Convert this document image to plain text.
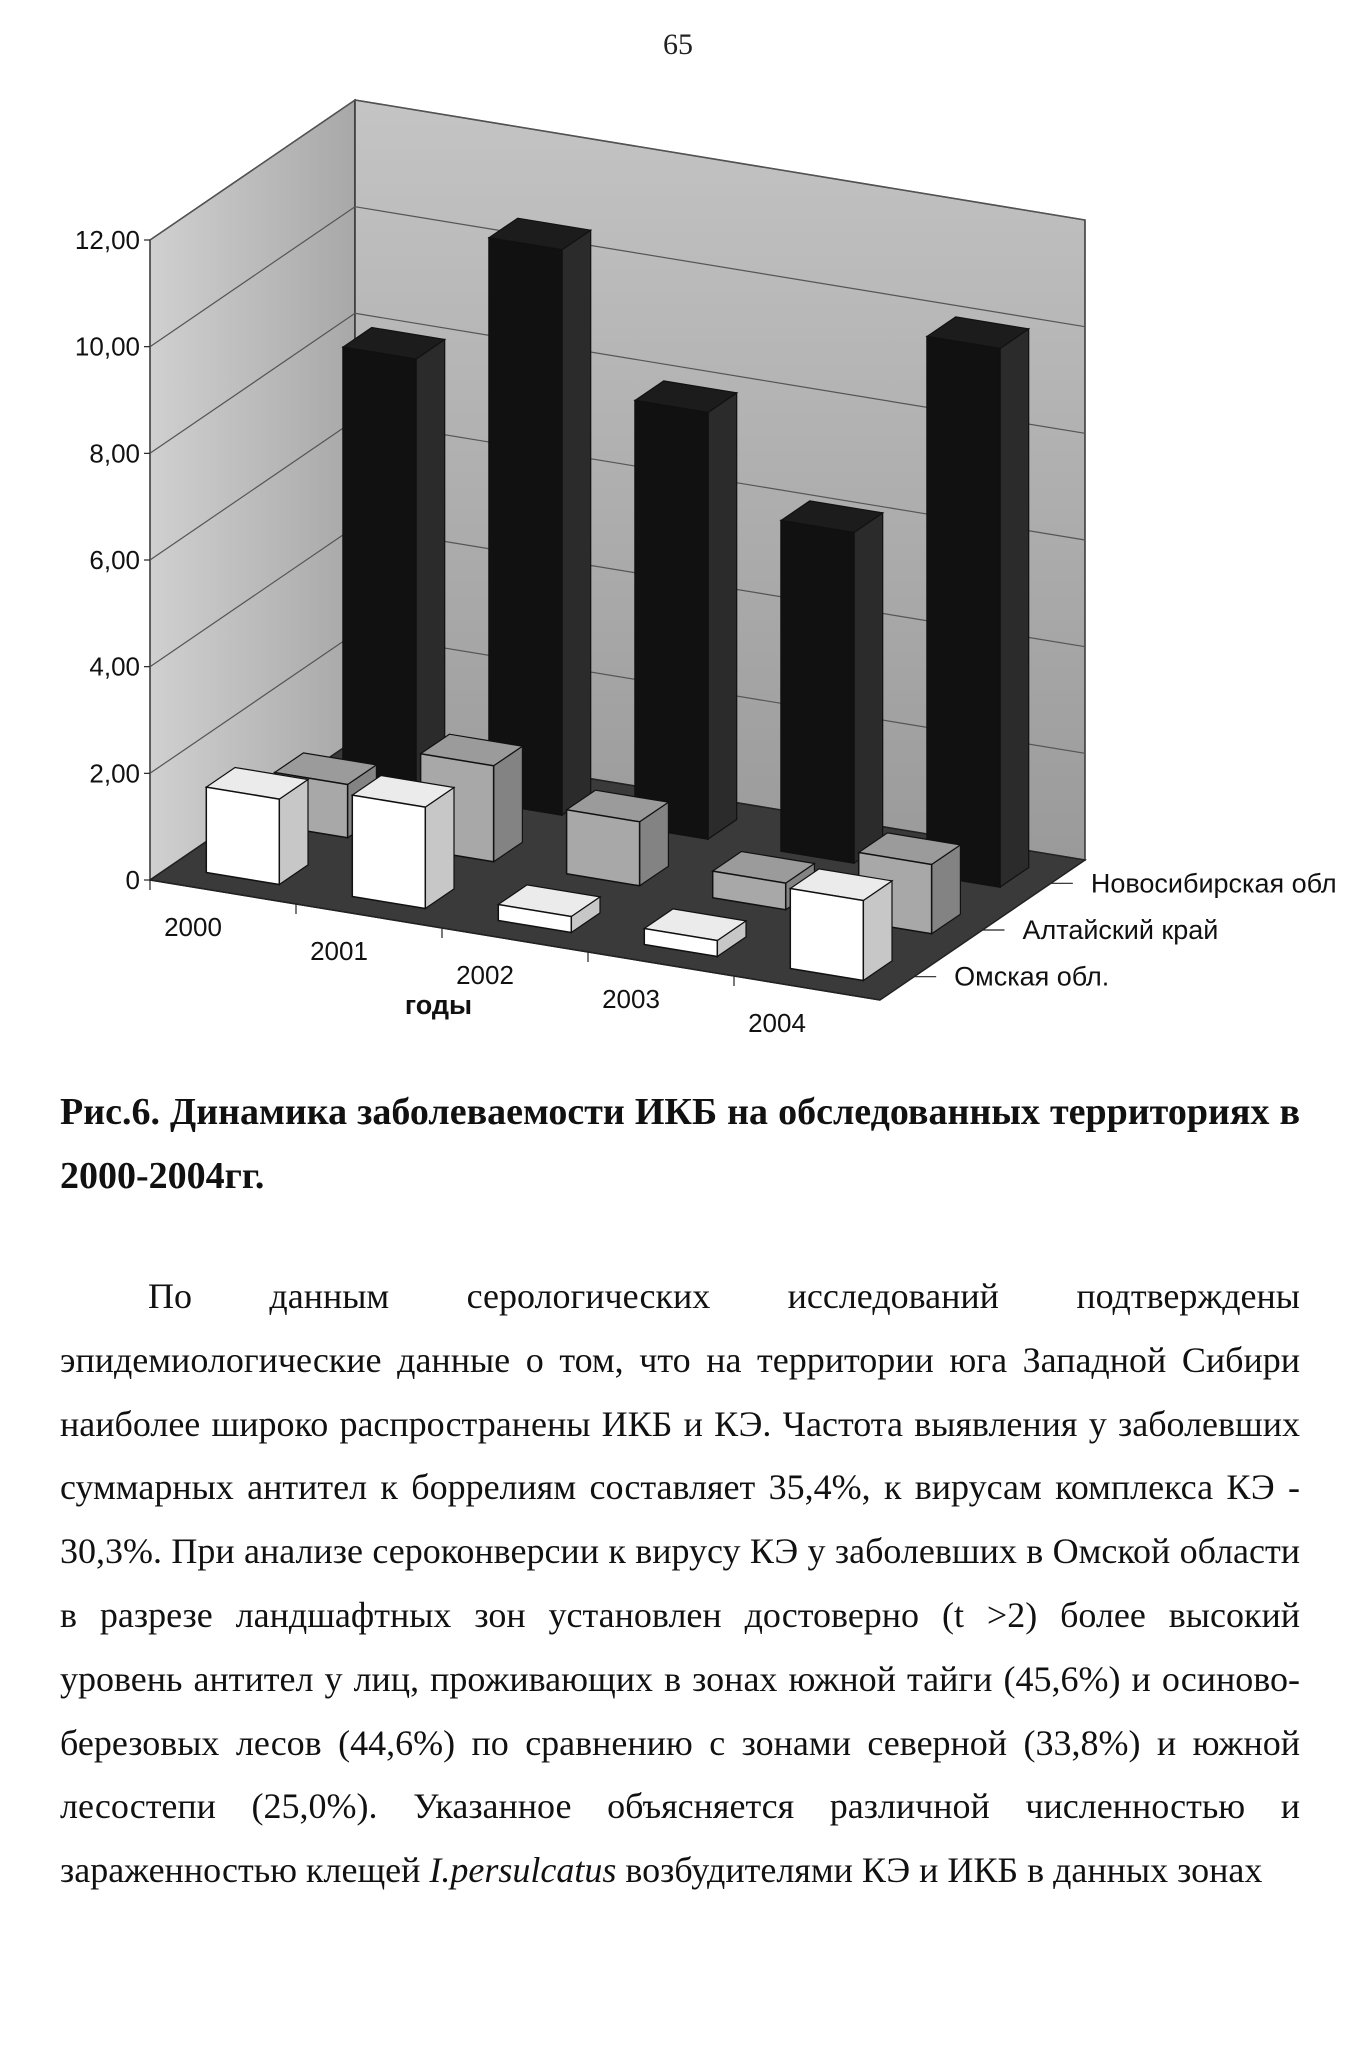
65
0
2,00
4,00
6,00
8,00
10,00
12,00
2000
2001
2002
2003
2004
годы
Омская обл.
Алтайский край
Новосибирская обл
Рис.6. Динамика заболеваемости ИКБ на обследованных территориях в 2000-2004гг.
По данным серологических исследований подтверждены эпидемиологические данные о том, что на территории юга Западной Сибири наиболее широко распространены ИКБ и КЭ. Частота выявления у заболевших суммарных антител к боррелиям составляет 35,4%, к вирусам комплекса КЭ - 30,3%. При анализе сероконверсии к вирусу КЭ у заболевших в Омской области в разрезе ландшафтных зон установлен достоверно (t >2) более высокий уровень антител у лиц, проживающих в зонах южной тайги (45,6%) и осиново-березовых лесов (44,6%) по сравнению с зонами северной (33,8%) и южной лесостепи (25,0%). Указанное объясняется различной численностью и зараженностью клещей I.persulcatus возбудителями КЭ и ИКБ в данных зонах
